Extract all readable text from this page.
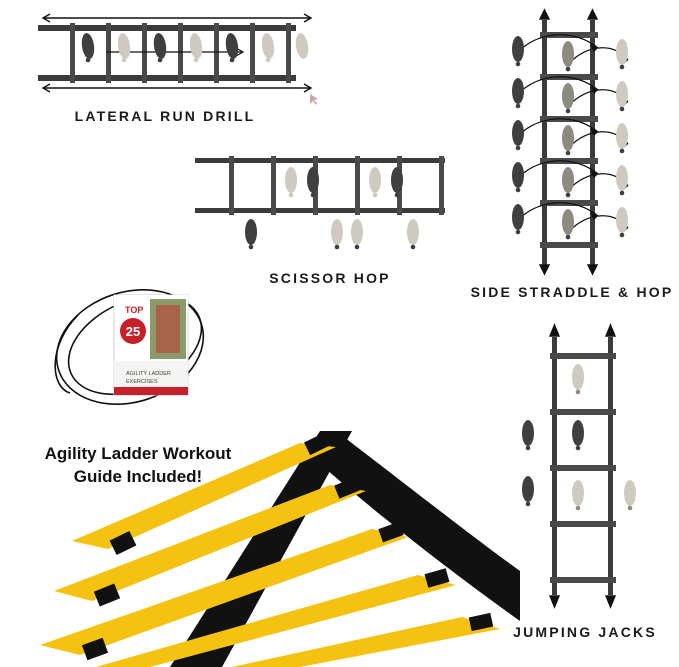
LATERAL RUN DRILL
SCISSOR HOP
SIDE STRADDLE & HOP
JUMPING JACKS
TOP
25
AGILITY LADDER
EXERCISES
Agility Ladder Workout
Guide Included!
